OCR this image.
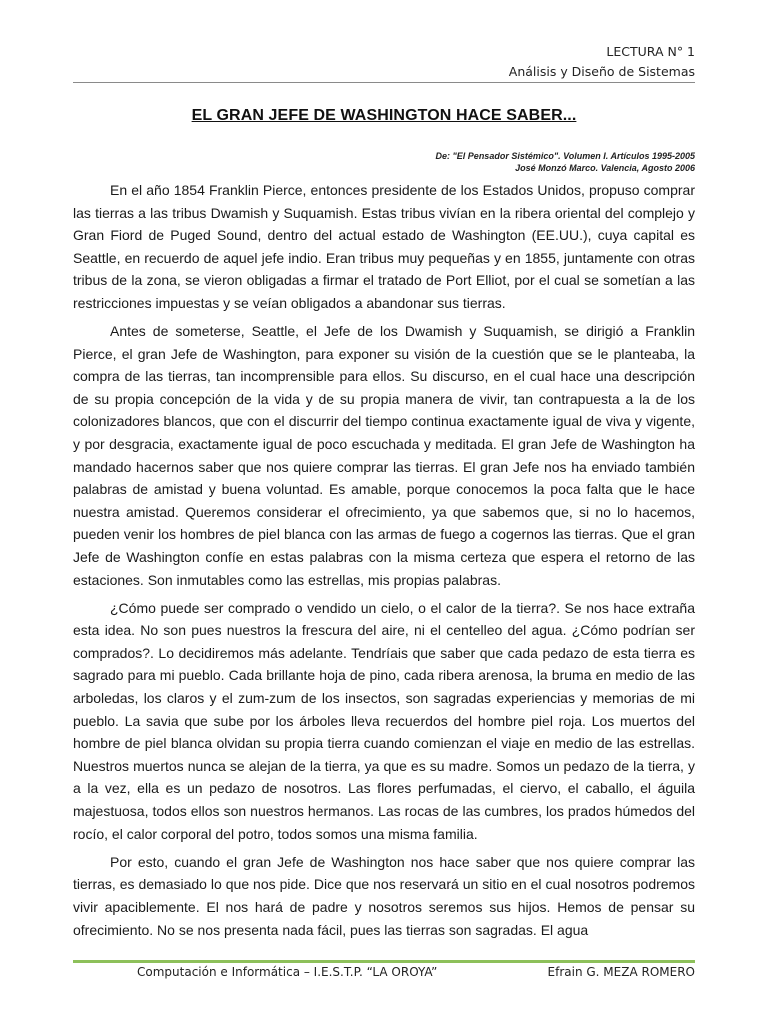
LECTURA N° 1
Análisis y Diseño de Sistemas
EL GRAN JEFE DE WASHINGTON HACE SABER...
De: "El Pensador Sistémico". Volumen I. Artículos 1995-2005
José Monzó Marco. Valencia, Agosto 2006

En el año 1854 Franklin Pierce, entonces presidente de los Estados Unidos, propuso comprar las tierras a las tribus Dwamish y Suquamish. Estas tribus vivían en la ribera oriental del complejo y Gran Fiord de Puged Sound, dentro del actual estado de Washington (EE.UU.), cuya capital es Seattle, en recuerdo de aquel jefe indio. Eran tribus muy pequeñas y en 1855, juntamente con otras tribus de la zona, se vieron obligadas a firmar el tratado de Port Elliot, por el cual se sometían a las restricciones impuestas y se veían obligados a abandonar sus tierras.

Antes de someterse, Seattle, el Jefe de los Dwamish y Suquamish, se dirigió a Franklin Pierce, el gran Jefe de Washington, para exponer su visión de la cuestión que se le planteaba, la compra de las tierras, tan incomprensible para ellos. Su discurso, en el cual hace una descripción de su propia concepción de la vida y de su propia manera de vivir, tan contrapuesta a la de los colonizadores blancos, que con el discurrir del tiempo continua exactamente igual de viva y vigente, y por desgracia, exactamente igual de poco escuchada y meditada. El gran Jefe de Washington ha mandado hacernos saber que nos quiere comprar las tierras. El gran Jefe nos ha enviado también palabras de amistad y buena voluntad. Es amable, porque conocemos la poca falta que le hace nuestra amistad. Queremos considerar el ofrecimiento, ya que sabemos que, si no lo hacemos, pueden venir los hombres de piel blanca con las armas de fuego a cogernos las tierras. Que el gran Jefe de Washington confíe en estas palabras con la misma certeza que espera el retorno de las estaciones. Son inmutables como las estrellas, mis propias palabras.

¿Cómo puede ser comprado o vendido un cielo, o el calor de la tierra?. Se nos hace extraña esta idea. No son pues nuestros la frescura del aire, ni el centelleo del agua. ¿Cómo podrían ser comprados?. Lo decidiremos más adelante. Tendríais que saber que cada pedazo de esta tierra es sagrado para mi pueblo. Cada brillante hoja de pino, cada ribera arenosa, la bruma en medio de las arboledas, los claros y el zum-zum de los insectos, son sagradas experiencias y memorias de mi pueblo. La savia que sube por los árboles lleva recuerdos del hombre piel roja. Los muertos del hombre de piel blanca olvidan su propia tierra cuando comienzan el viaje en medio de las estrellas. Nuestros muertos nunca se alejan de la tierra, ya que es su madre. Somos un pedazo de la tierra, y a la vez, ella es un pedazo de nosotros. Las flores perfumadas, el ciervo, el caballo, el águila majestuosa, todos ellos son nuestros hermanos. Las rocas de las cumbres, los prados húmedos del rocío, el calor corporal del potro, todos somos una misma familia.

Por esto, cuando el gran Jefe de Washington nos hace saber que nos quiere comprar las tierras, es demasiado lo que nos pide. Dice que nos reservará un sitio en el cual nosotros podremos vivir apaciblemente. El nos hará de padre y nosotros seremos sus hijos. Hemos de pensar su ofrecimiento. No se nos presenta nada fácil, pues las tierras son sagradas. El agua

Computación e Informática – I.E.S.T.P. “LA OROYA”	Efrain G. MEZA ROMERO
